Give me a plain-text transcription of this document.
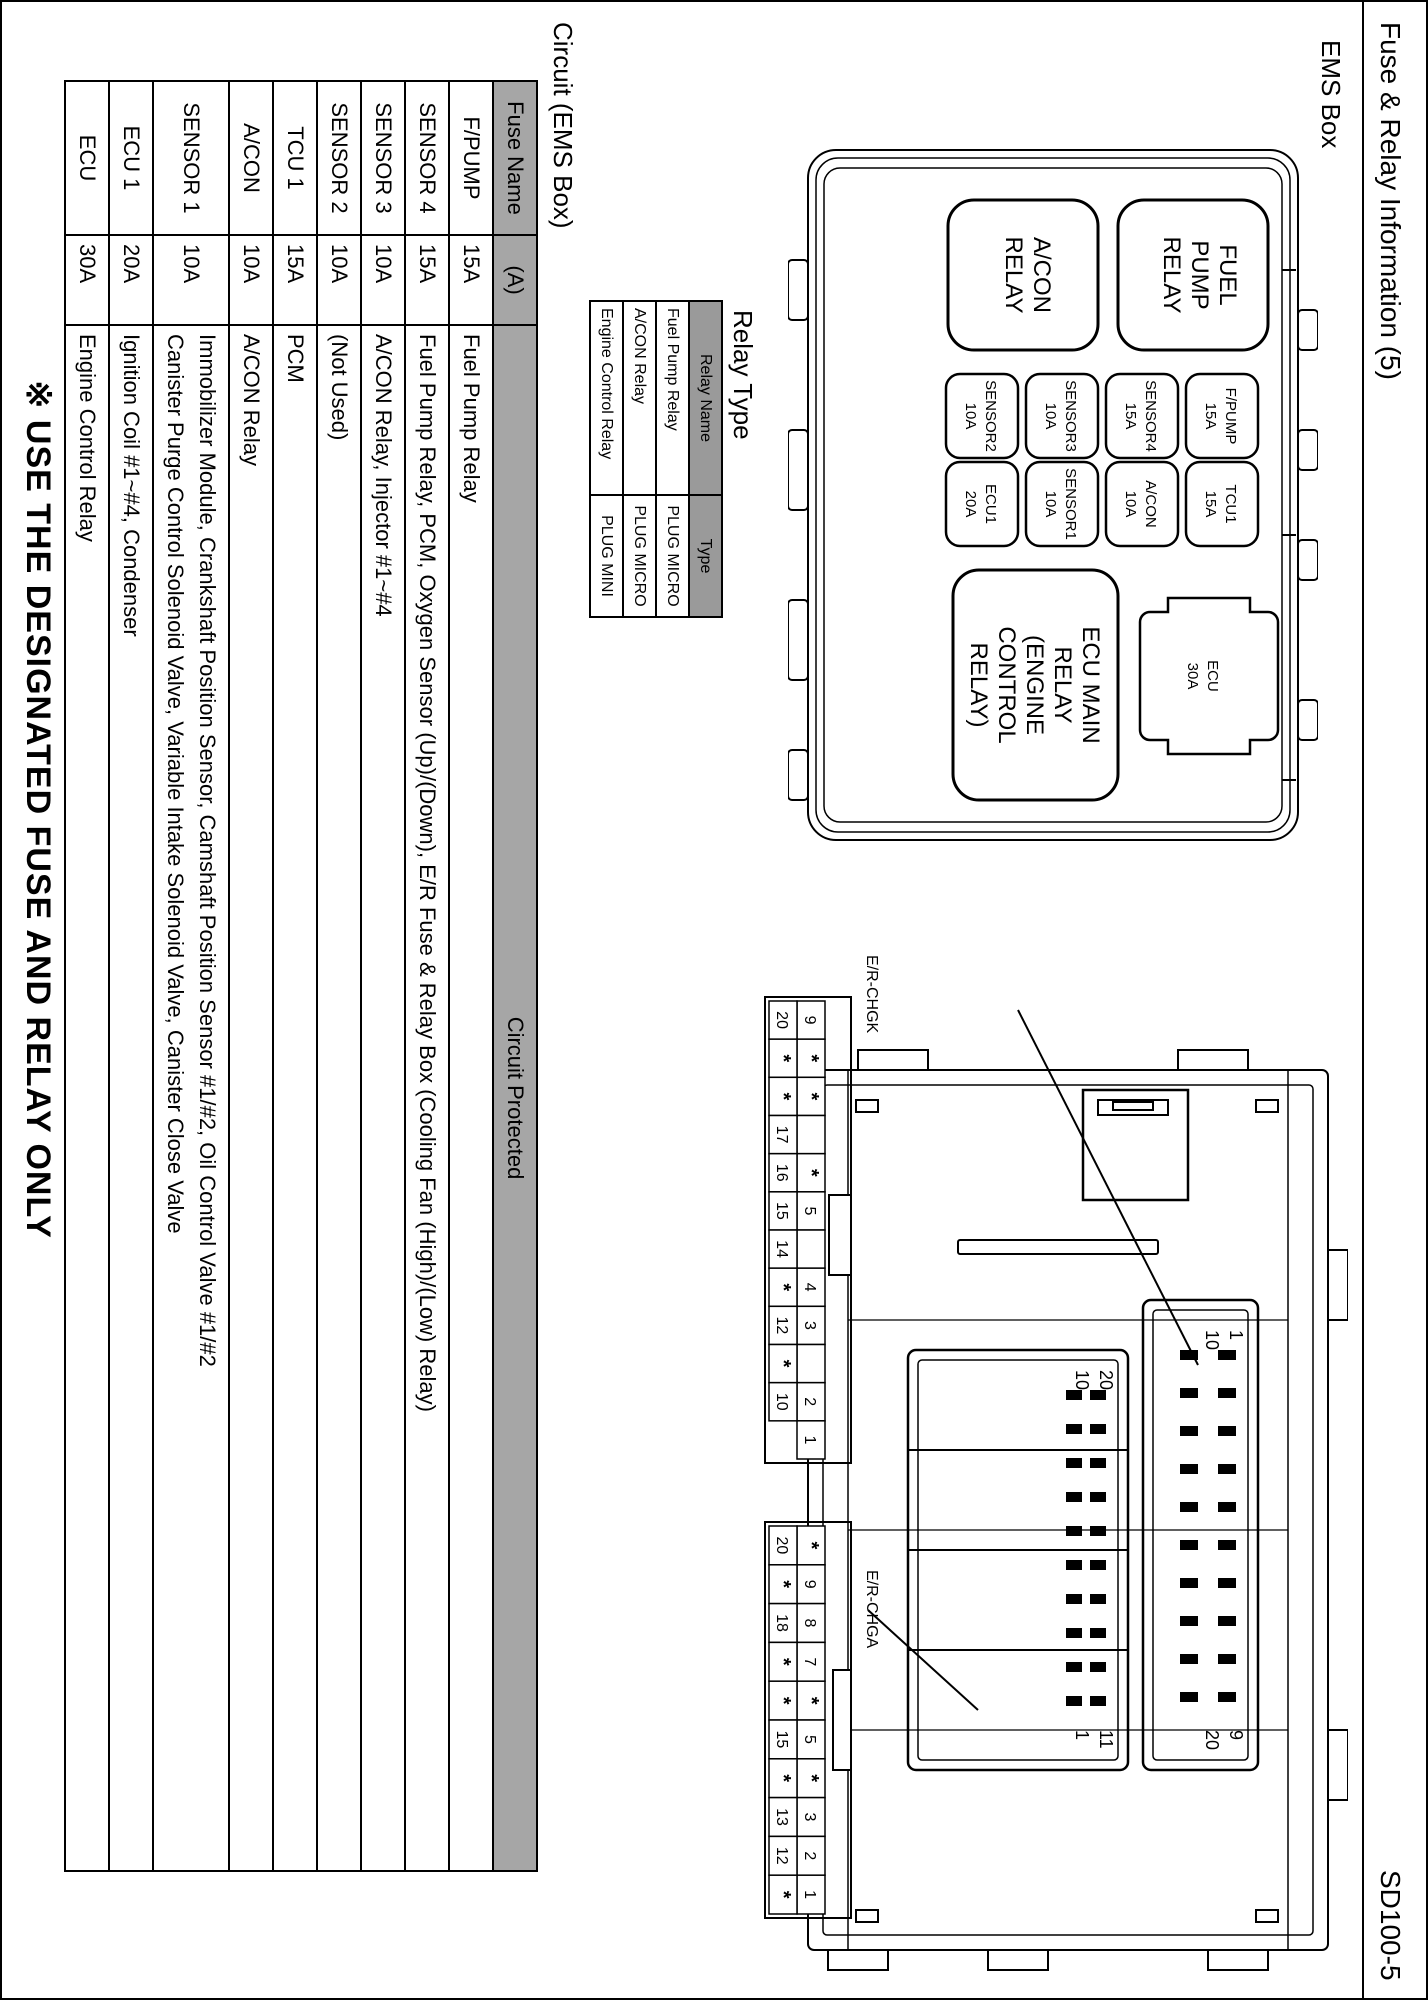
Fuse & Relay Information (5)
SD100-5
EMS Box
FUEL
PUMP
RELAY
A/CON
RELAY
ECU MAIN
RELAY
(ENGINE
CONTROL
RELAY)
F/PUMP
15A
TCU1
15A
SENSOR4
15A
A/CON
10A
SENSOR3
10A
SENSOR1
10A
SENSOR2
10A
ECU1
20A
ECU
30A
Relay Type
Relay Name	Type
Fuel Pump Relay	PLUG MICRO
A/CON Relay	PLUG MICRO
Engine Control Relay	PLUG MINI
1
10
9
20
20
10
11
1
E/R-CHGK
E/R-CHGA
9
*
*
*
5
4
3
2
1
20
*
*
17
16
15
14
*
12
*
10
*
9
8
7
*
5
*
3
2
1
20
*
18
*
*
15
*
13
12
*
Circuit (EMS Box)
Fuse Name	(A)	Circuit Protected
F/PUMP	15A	Fuel Pump Relay
SENSOR 4	15A	Fuel Pump Relay, PCM, Oxygen Sensor (Up)/(Down), E/R Fuse & Relay Box (Cooling Fan (High)/(Low) Relay)
SENSOR 3	10A	A/CON Relay, Injector #1~#4
SENSOR 2	10A	(Not Used)
TCU 1	15A	PCM
A/CON	10A	A/CON Relay
SENSOR 1	10A	Immobilizer Module, Crankshaft Position Sensor, Camshaft Position Sensor #1/#2, Oil Control Valve #1/#2
Canister Purge Control Solenoid Valve, Variable Intake Solenoid Valve, Canister Close Valve

ECU 1	20A	Ignition Coil #1~#4, Condenser
ECU	30A	Engine Control Relay
※ USE THE DESIGNATED FUSE AND RELAY ONLY
